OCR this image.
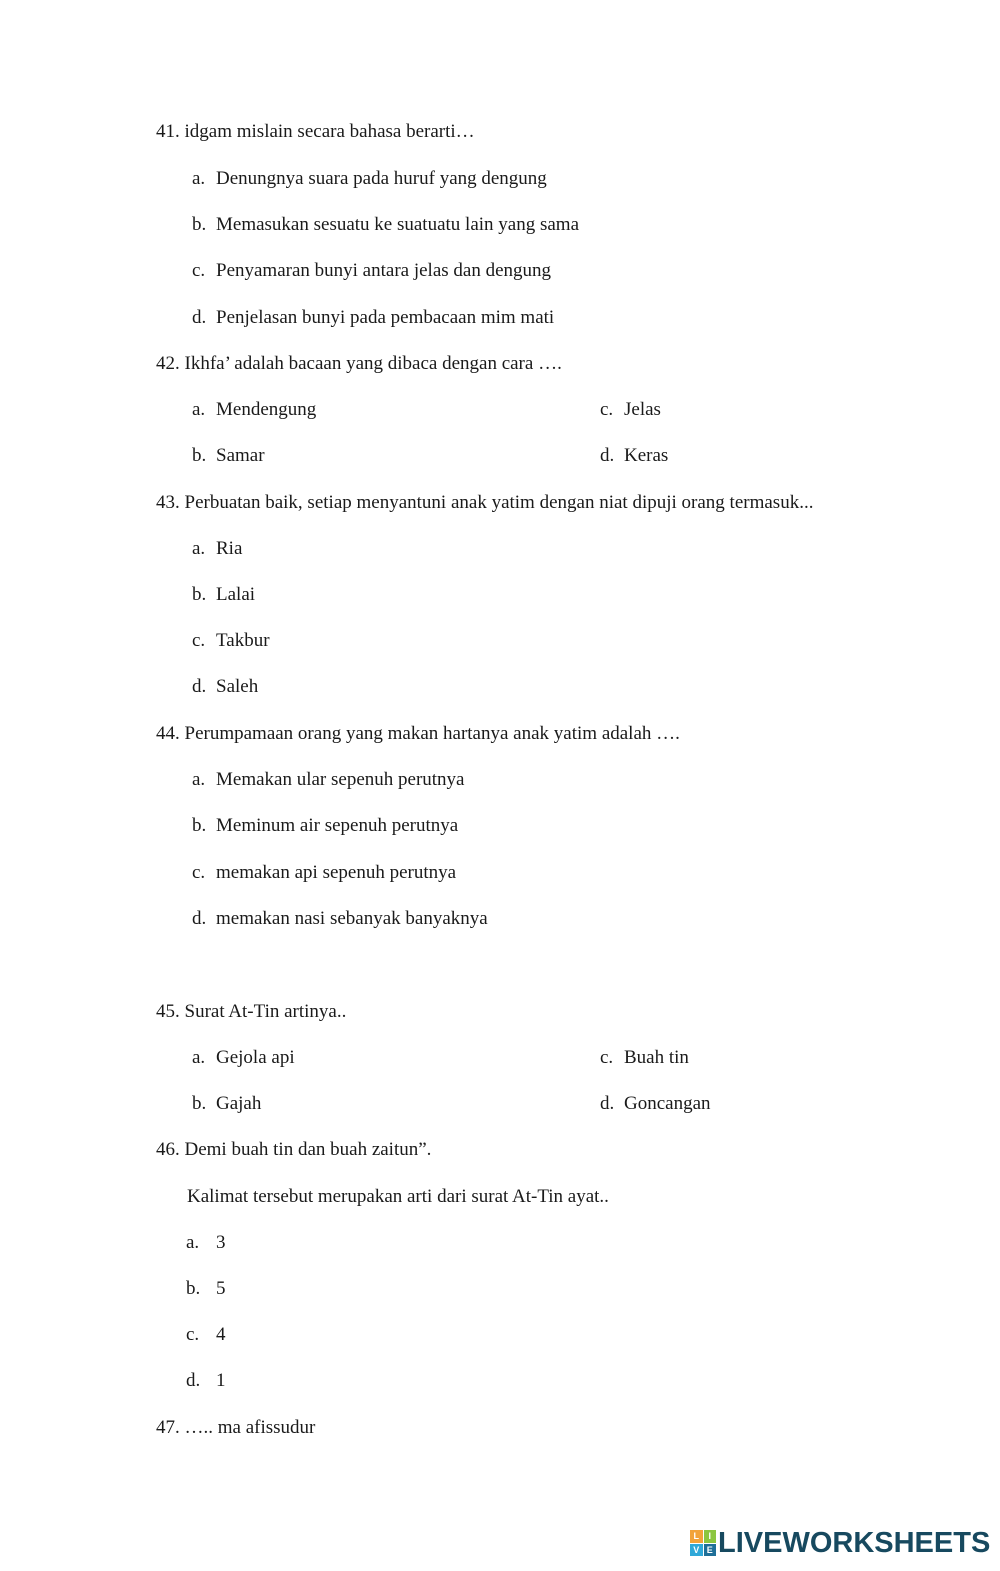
41. idgam mislain secara bahasa berarti…
a. Denungnya suara pada huruf yang dengung
b. Memasukan sesuatu ke suatuatu lain yang sama
c. Penyamaran bunyi antara jelas dan dengung
d. Penjelasan bunyi pada pembacaan mim mati
42. Ikhfa’ adalah bacaan yang dibaca dengan cara ….
a. Mendengung	c. Jelas
b. Samar	d. Keras
43. Perbuatan baik, setiap menyantuni anak yatim dengan niat dipuji orang termasuk...
a. Ria
b. Lalai
c. Takbur
d. Saleh
44. Perumpamaan orang yang makan hartanya anak yatim adalah ….
a. Memakan ular sepenuh perutnya
b. Meminum air sepenuh perutnya
c. memakan api sepenuh perutnya
d. memakan nasi sebanyak banyaknya
45. Surat At-Tin artinya..
a. Gejola api	c. Buah tin
b. Gajah	d. Goncangan
46. Demi buah tin dan buah zaitun”.
Kalimat tersebut merupakan arti dari surat At-Tin ayat..
a. 3
b. 5
c. 4
d. 1
47. ….. ma afissudur
L	I
V E LIVEWORKSHEETS
